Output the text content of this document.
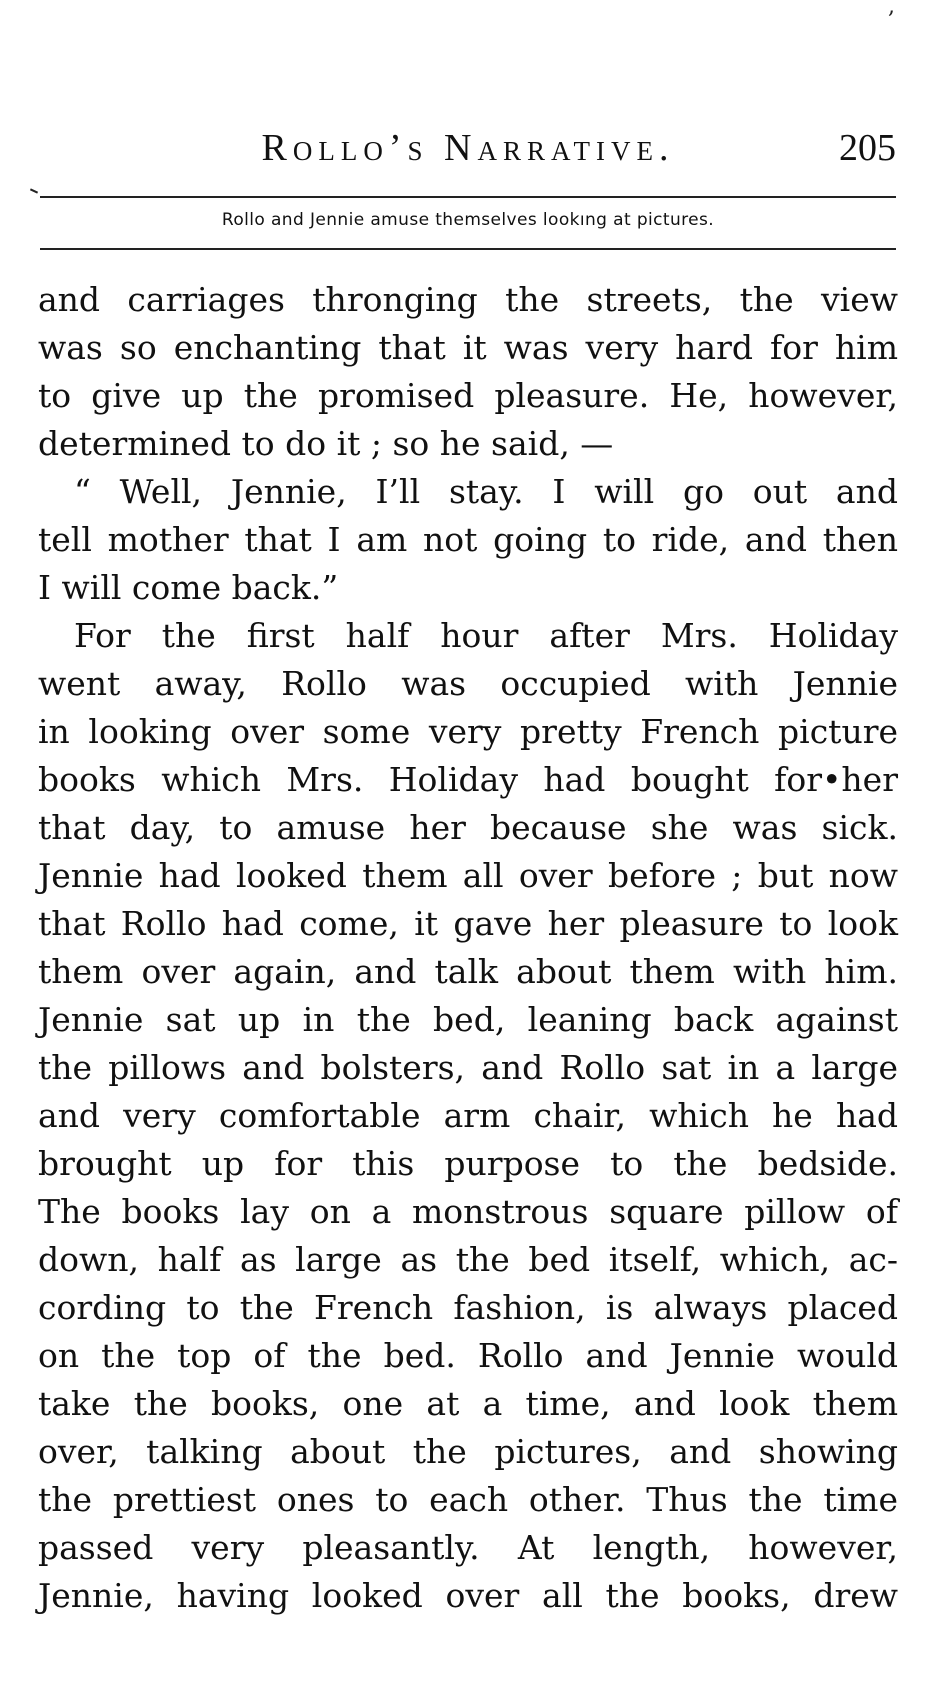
,
Rollo’s Narrative.	205
Rollo and Jennie amuse themselves lookıng at pictures.
and carriages thronging the streets, the view
was so enchanting that it was very hard for him
to give up the promised pleasure. He, however,
determined to do it ; so he said, —
“ Well, Jennie, I’ll stay. I will go out and
tell mother that I am not going to ride, and then
I will come back.”
For the first half hour after Mrs. Holiday
went away, Rollo was occupied with Jennie
in looking over some very pretty French picture
books which Mrs. Holiday had bought for•her
that day, to amuse her because she was sick.
Jennie had looked them all over before ; but now
that Rollo had come, it gave her pleasure to look
them over again, and talk about them with him.
Jennie sat up in the bed, leaning back against
the pillows and bolsters, and Rollo sat in a large
and very comfortable arm chair, which he had
brought up for this purpose to the bedside.
The books lay on a monstrous square pillow of
down, half as large as the bed itself, which, ac-
cording to the French fashion, is always placed
on the top of the bed. Rollo and Jennie would
take the books, one at a time, and look them
over, talking about the pictures, and showing
the prettiest ones to each other. Thus the time
passed very pleasantly. At length, however,
Jennie, having looked over all the books, drew
